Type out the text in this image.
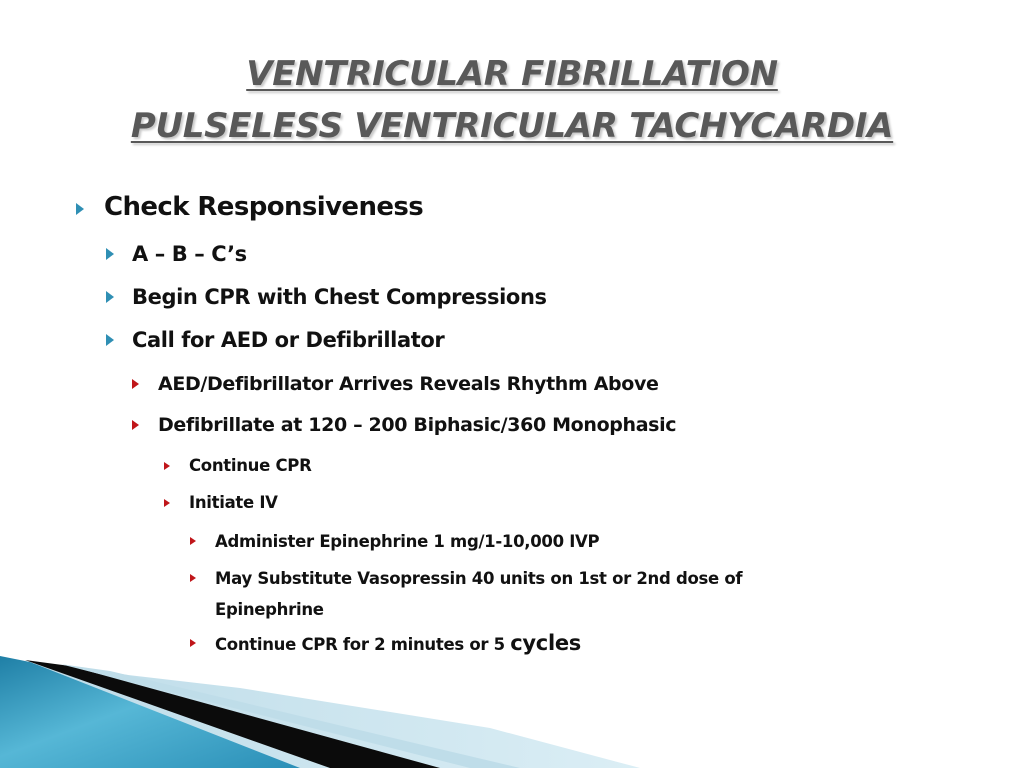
VENTRICULAR FIBRILLATION
PULSELESS VENTRICULAR TACHYCARDIA
Check Responsiveness
A – B – C’s
Begin CPR with Chest Compressions
Call for AED or Defibrillator
AED/Defibrillator Arrives Reveals Rhythm Above
Defibrillate at 120 – 200 Biphasic/360 Monophasic
Continue CPR
Initiate IV
Administer Epinephrine 1 mg/1-10,000 IVP
May Substitute Vasopressin 40 units on 1st or 2nd dose of
Epinephrine
Continue CPR for 2 minutes or 5 cycles
